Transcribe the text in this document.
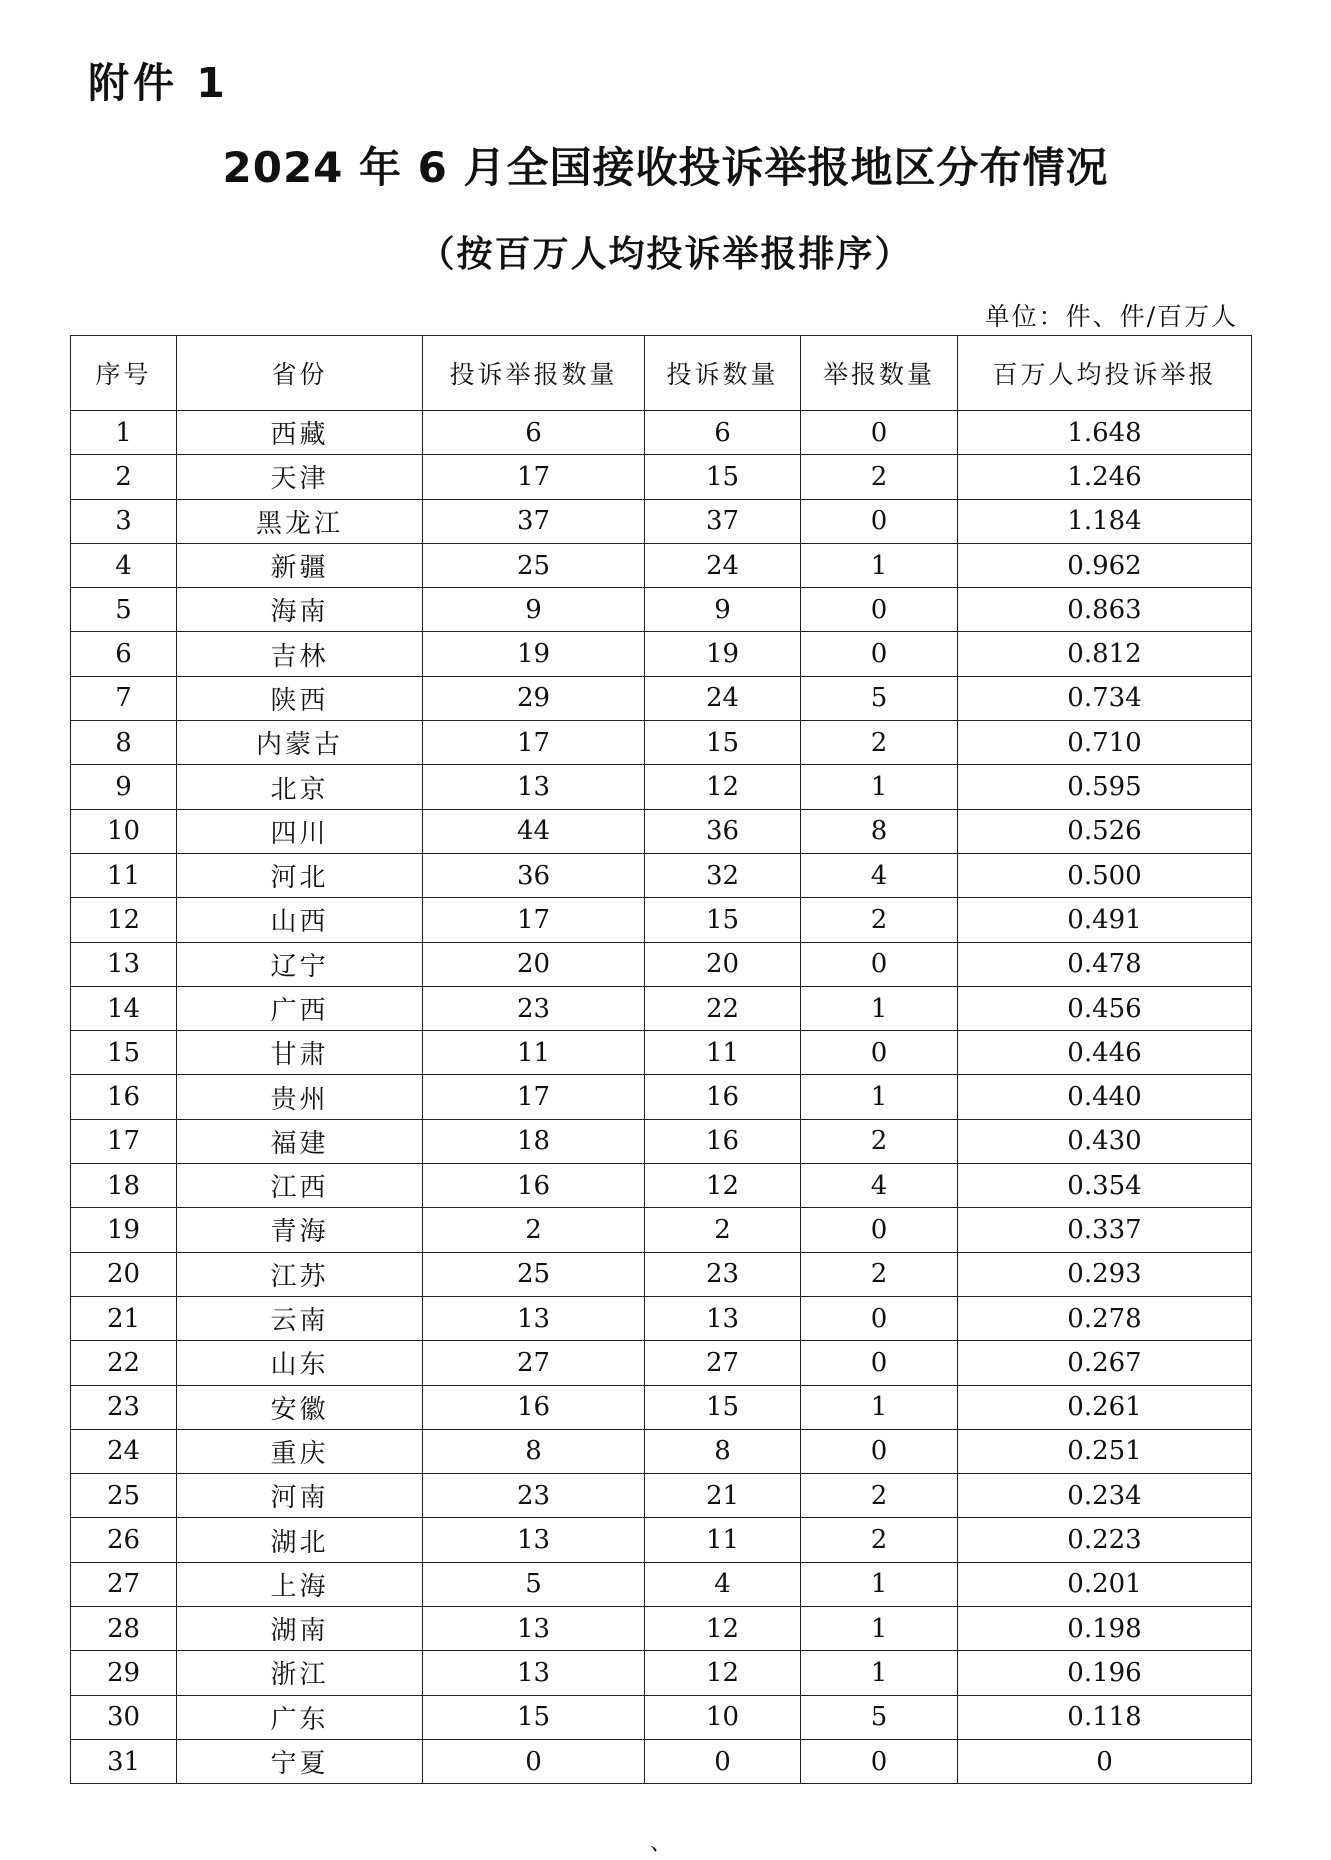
附件 1
2024 年 6 月全国接收投诉举报地区分布情况
（按百万人均投诉举报排序）
单位：件、件/百万人
序号	省份	投诉举报数量	投诉数量	举报数量	百万人均投诉举报
1	西藏	6	6	0	1.648
2	天津	17	15	2	1.246
3	黑龙江	37	37	0	1.184
4	新疆	25	24	1	0.962
5	海南	9	9	0	0.863
6	吉林	19	19	0	0.812
7	陕西	29	24	5	0.734
8	内蒙古	17	15	2	0.710
9	北京	13	12	1	0.595
10	四川	44	36	8	0.526
11	河北	36	32	4	0.500
12	山西	17	15	2	0.491
13	辽宁	20	20	0	0.478
14	广西	23	22	1	0.456
15	甘肃	11	11	0	0.446
16	贵州	17	16	1	0.440
17	福建	18	16	2	0.430
18	江西	16	12	4	0.354
19	青海	2	2	0	0.337
20	江苏	25	23	2	0.293
21	云南	13	13	0	0.278
22	山东	27	27	0	0.267
23	安徽	16	15	1	0.261
24	重庆	8	8	0	0.251
25	河南	23	21	2	0.234
26	湖北	13	11	2	0.223
27	上海	5	4	1	0.201
28	湖南	13	12	1	0.198
29	浙江	13	12	1	0.196
30	广东	15	10	5	0.118
31	宁夏	0	0	0	0
、
